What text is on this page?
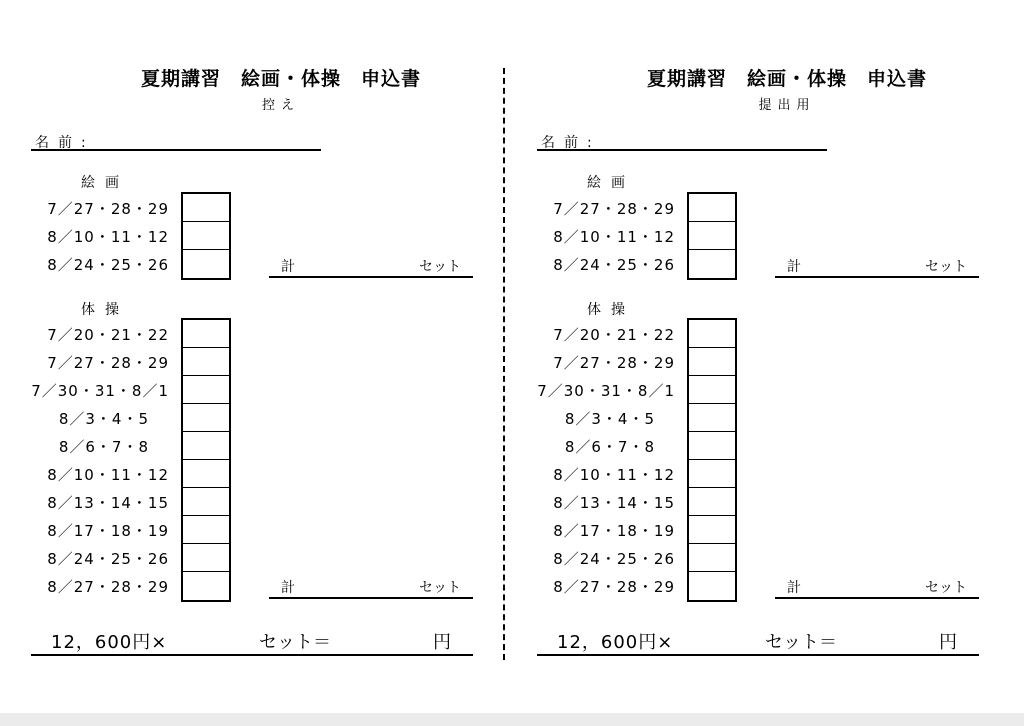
夏期講習　絵画・体操　申込書
控え
名前:
絵画
7／27・28・29
8／10・11・12
8／24・25・26	計	セット
体操
7／20・21・22
7／27・28・29
7／30・31・8／1
8／3・4・5
8／6・7・8
8／10・11・12
8／13・14・15
8／17・18・19
8／24・25・26
8／27・28・29	計	セット
12，600円×	セット＝	円
夏期講習　絵画・体操　申込書
提出用
名前:
絵画
7／27・28・29
8／10・11・12
8／24・25・26	計	セット
体操
7／20・21・22
7／27・28・29
7／30・31・8／1
8／3・4・5
8／6・7・8
8／10・11・12
8／13・14・15
8／17・18・19
8／24・25・26
8／27・28・29	計	セット
12，600円×	セット＝	円
